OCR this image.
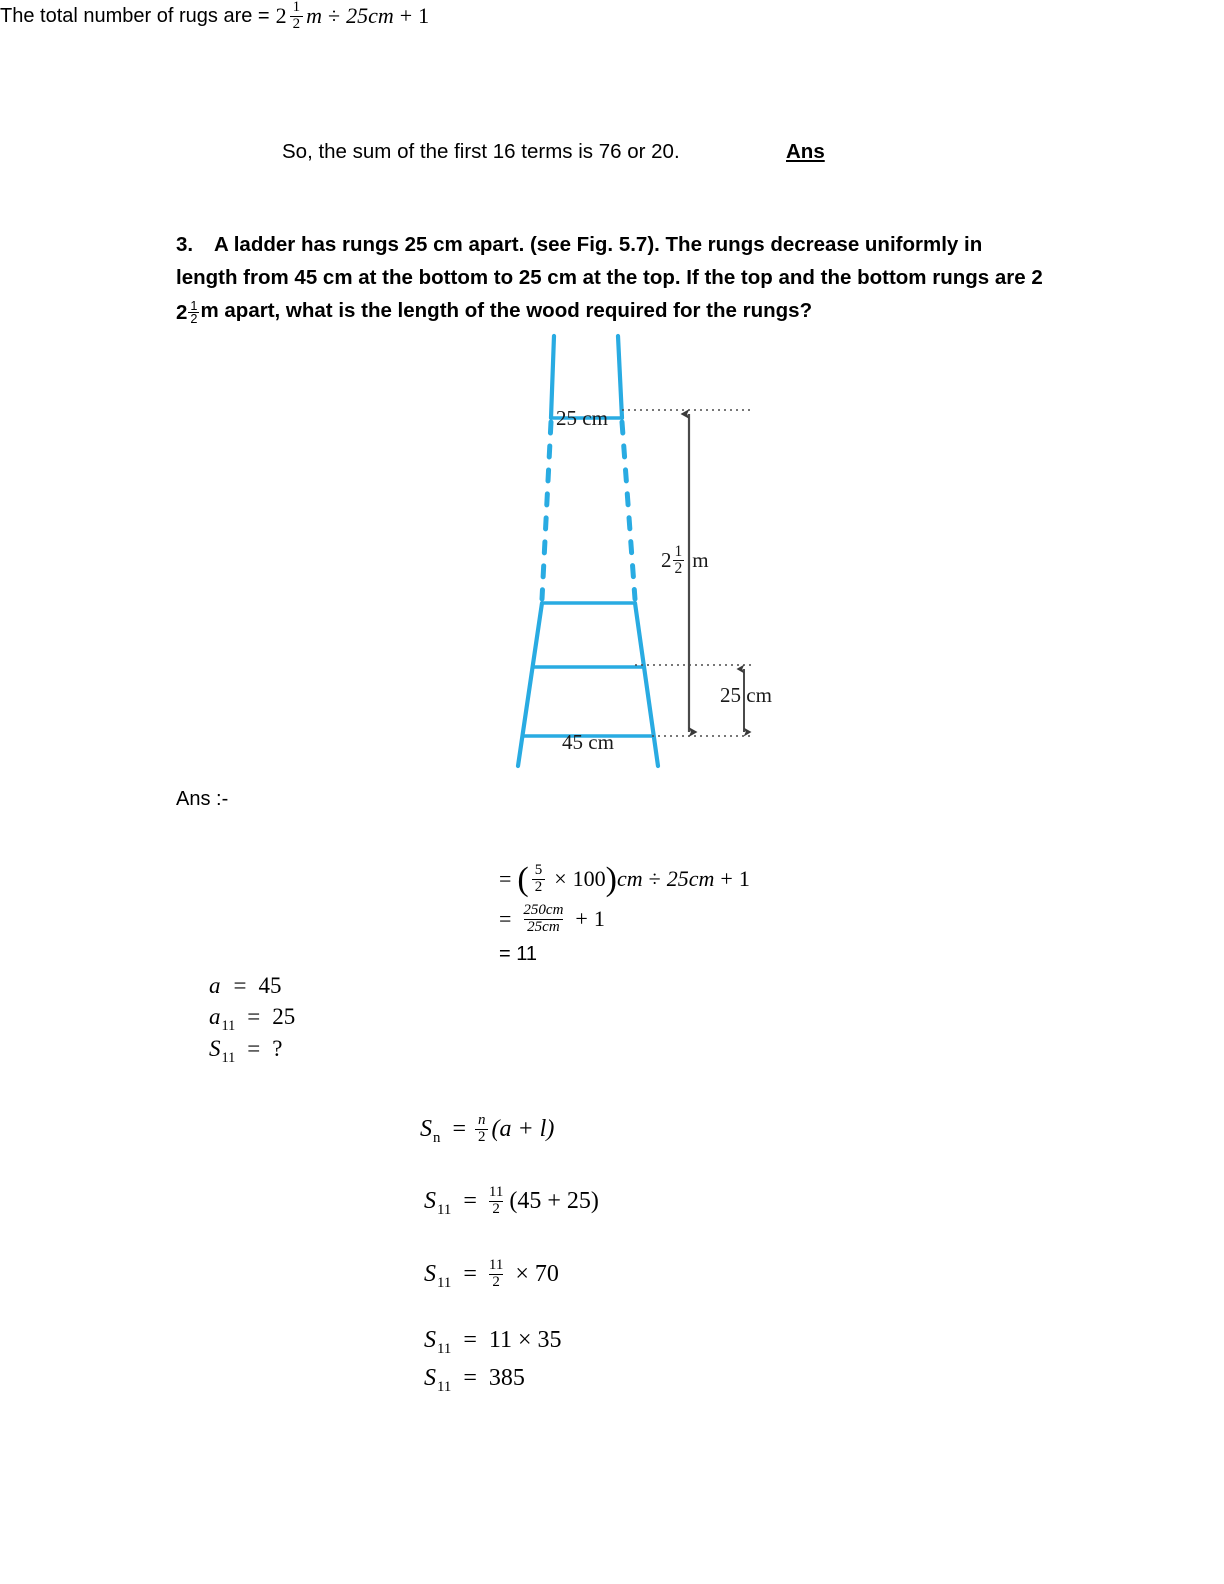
So, the sum of the first 16 terms is 76 or 20.	Ans
3.	A ladder has rungs 25 cm apart. (see Fig. 5.7). The rungs decrease uniformly in length from 45 cm at the bottom to 25 cm at the top. If the top and the bottom rungs are 2
$2 \frac{1}{2}$ m apart, what is the length of the wood required for the rungs?
25 cm
45 cm
25 cm
$2 \frac{1}{2}$ m
Ans :-
The total number of rugs are = $2 \frac{1}{2}$ m ÷ 25cm + 1
= ( $\frac{5}{2} \times 100$ ) cm ÷ 25cm + 1
= $\frac{250cm}{25cm} + 1$
= 11
a = 45
a 11 = 25
S 11 = ?
S $n = \frac{n}{2} (a + l)$
S $11 = \frac{11}{2} (45 + 25)$
S $11 = \frac{11}{2} \times 70$
S 11 = 11 × 35
S 11 = 385
